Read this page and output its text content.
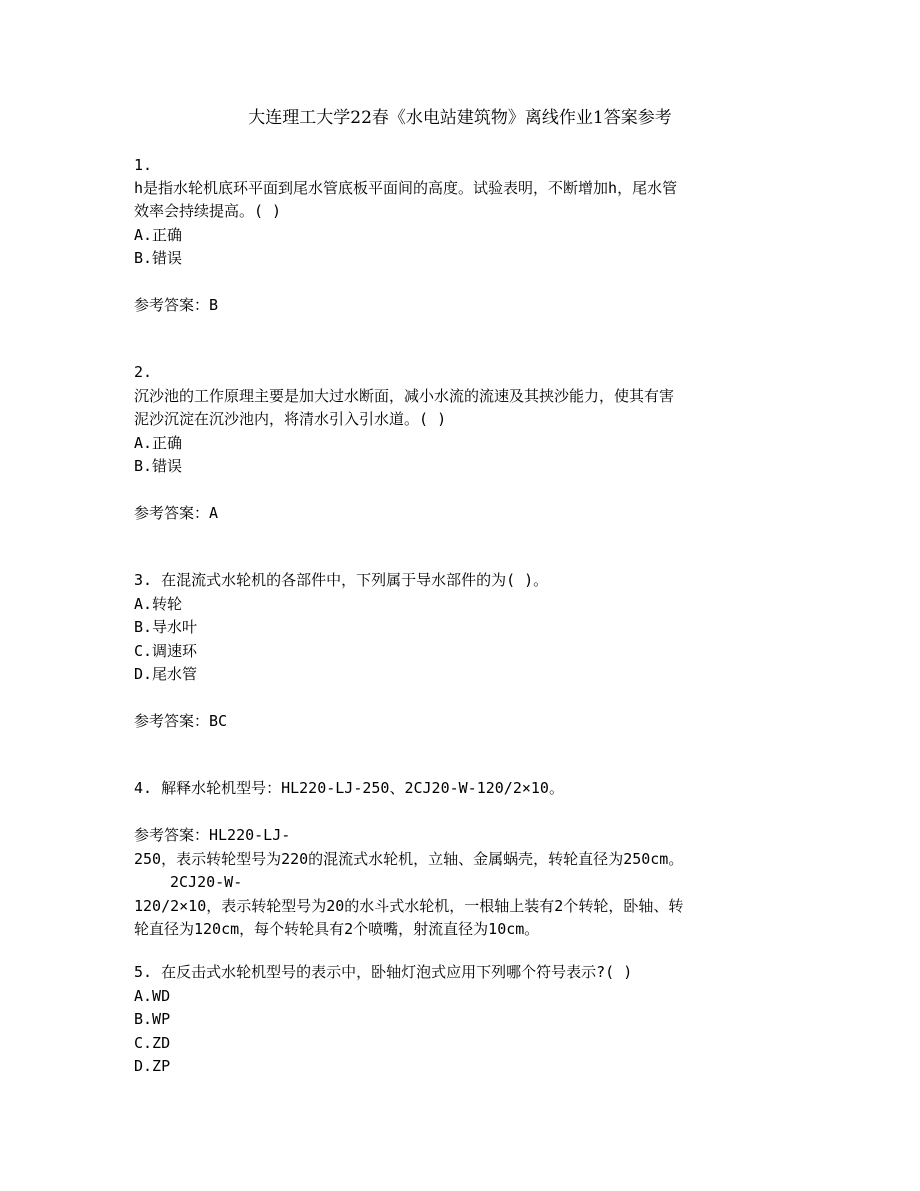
大连理工大学22春《水电站建筑物》离线作业1答案参考
1.
h是指水轮机底环平面到尾水管底板平面间的高度。试验表明，不断增加h，尾水管
效率会持续提高。( )
A.正确
B.错误
参考答案：B
2.
沉沙池的工作原理主要是加大过水断面，减小水流的流速及其挟沙能力，使其有害
泥沙沉淀在沉沙池内，将清水引入引水道。( )
A.正确
B.错误
参考答案：A
3. 在混流式水轮机的各部件中，下列属于导水部件的为( )。
A.转轮
B.导水叶
C.调速环
D.尾水管
参考答案：BC
4. 解释水轮机型号：HL220-LJ-250、2CJ20-W-120/2×10。
参考答案：HL220-LJ-
250，表示转轮型号为220的混流式水轮机，立轴、金属蜗壳，转轮直径为250cm。
2CJ20-W-
120/2×10，表示转轮型号为20的水斗式水轮机，一根轴上装有2个转轮，卧轴、转
轮直径为120cm，每个转轮具有2个喷嘴，射流直径为10cm。
5. 在反击式水轮机型号的表示中，卧轴灯泡式应用下列哪个符号表示?( )
A.WD
B.WP
C.ZD
D.ZP
